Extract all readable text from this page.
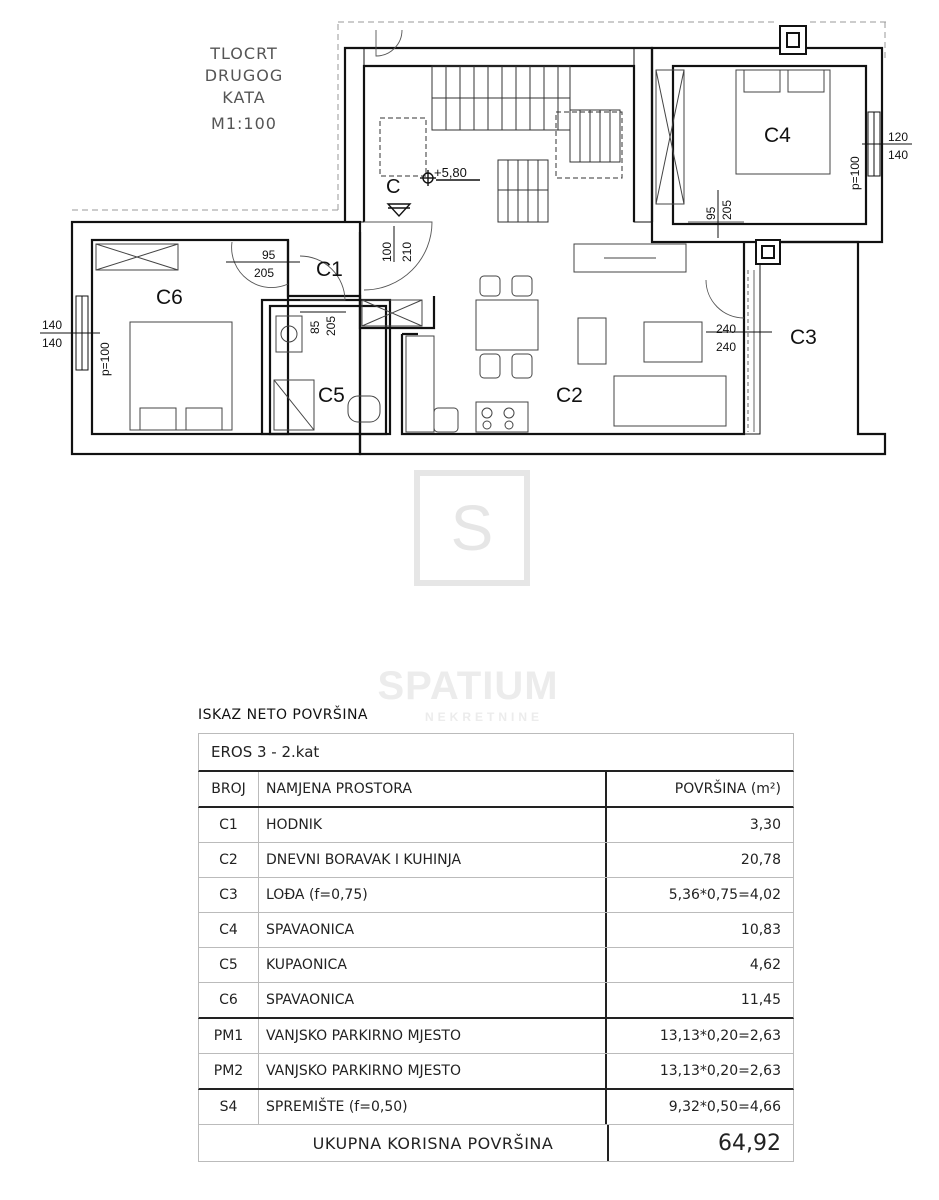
TLOCRT
DRUGOG
KATA
M1:100
C
+5,80
C1
C2
C3
C4
C5
C6
95
205
140
140	p=100
85 205
100 210
95 205
120
140
p=100
240
240
S
SPATIUM
NEKRETNINE
ISKAZ NETO POVRŠINA
EROS 3 - 2.kat
BROJ	NAMJENA PROSTORA	POVRŠINA (m²)
C1	HODNIK	3,30
C2	DNEVNI BORAVAK I KUHINJA	20,78
C3	LOĐA (f=0,75)	5,36*0,75=4,02
C4	SPAVAONICA	10,83
C5	KUPAONICA	4,62
C6	SPAVAONICA	11,45
PM1	VANJSKO PARKIRNO MJESTO	13,13*0,20=2,63
PM2	VANJSKO PARKIRNO MJESTO	13,13*0,20=2,63
S4	SPREMIŠTE (f=0,50)	9,32*0,50=4,66
UKUPNA KORISNA POVRŠINA	64,92
